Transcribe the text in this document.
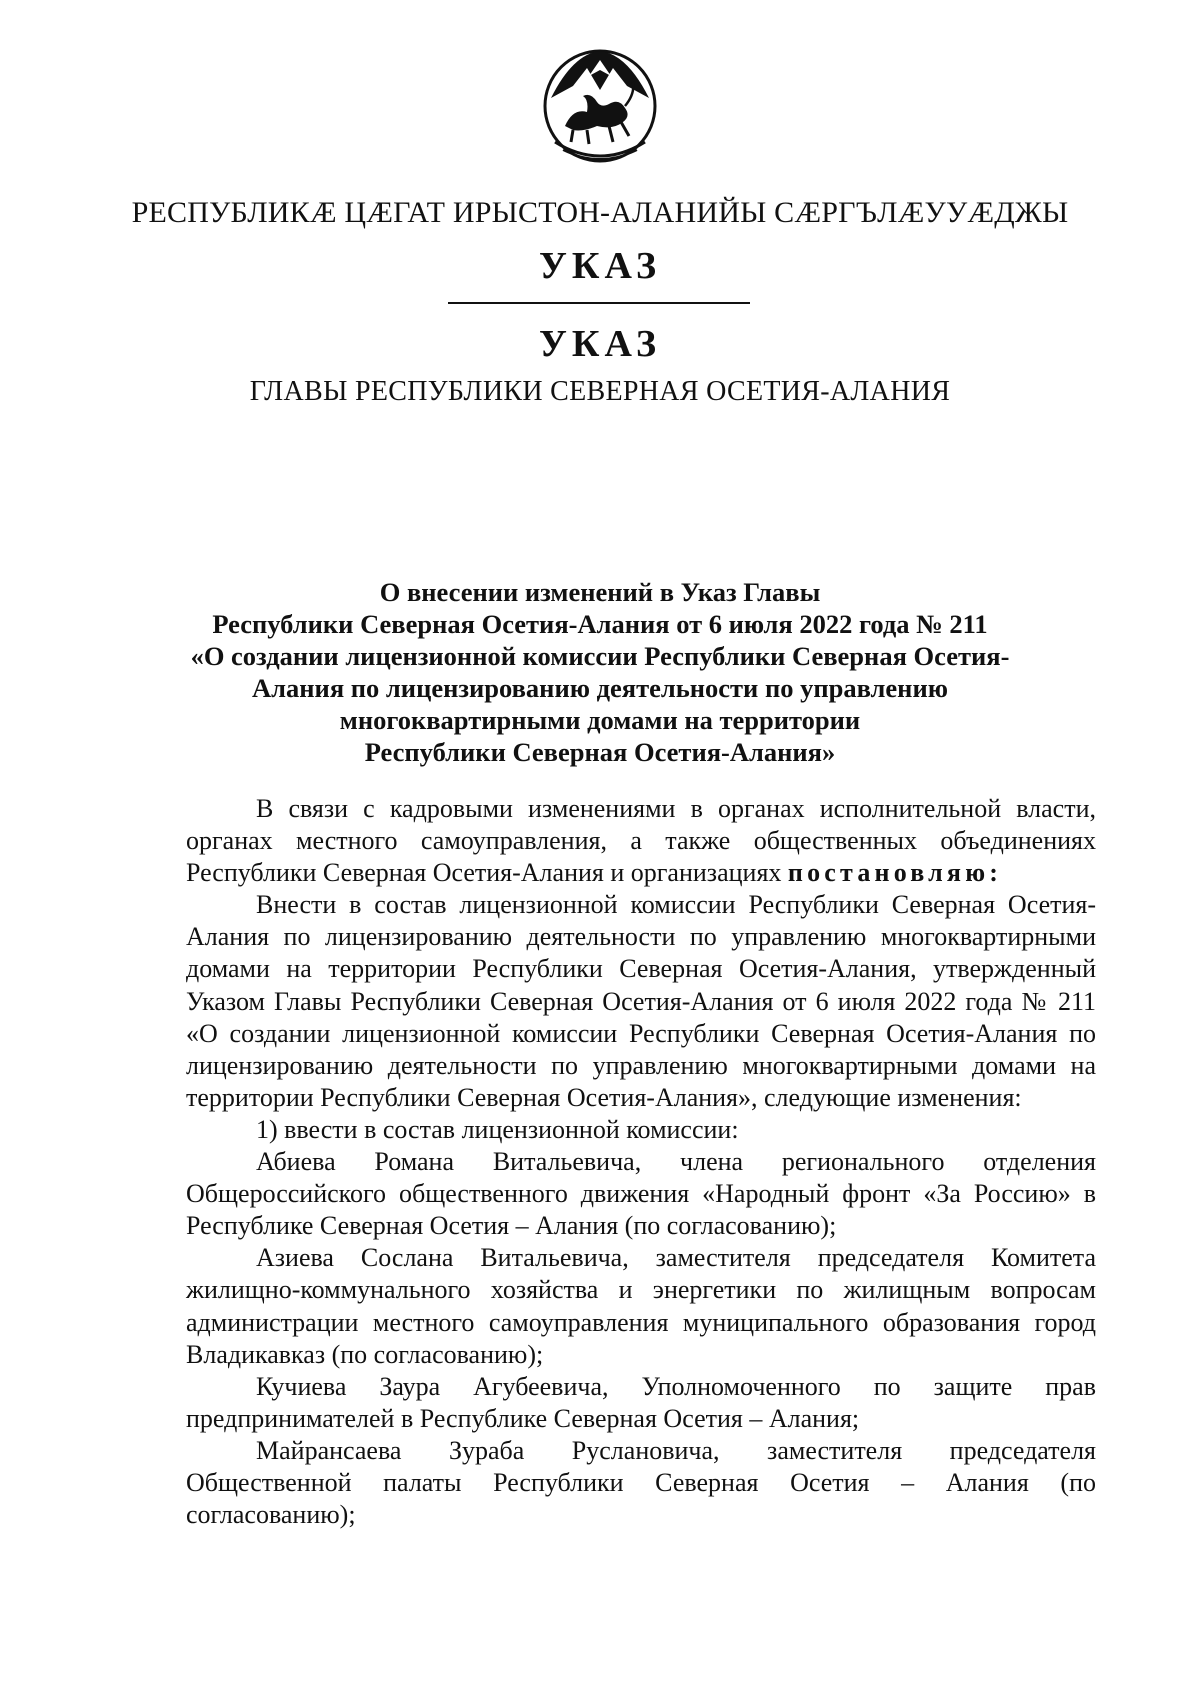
РЕСПУБЛИКӔ ЦӔГАТ ИРЫСТОН-АЛАНИЙЫ СӔРГЪЛӔУУӔДЖЫ
УКАЗ
УКАЗ
ГЛАВЫ РЕСПУБЛИКИ СЕВЕРНАЯ ОСЕТИЯ-АЛАНИЯ
О внесении изменений в Указ Главы
Республики Северная Осетия-Алания от 6 июля 2022 года № 211
«О создании лицензионной комиссии Республики Северная Осетия-
Алания по лицензированию деятельности по управлению
многоквартирными домами на территории
Республики Северная Осетия-Алания»

В связи с кадровыми изменениями в органах исполнительной власти, органах местного самоуправления, а также общественных объединениях Республики Северная Осетия-Алания и организациях постановляю:

Внести в состав лицензионной комиссии Республики Северная Осетия-Алания по лицензированию деятельности по управлению многоквартирными домами на территории Республики Северная Осетия-Алания, утвержденный Указом Главы Республики Северная Осетия-Алания от 6 июля 2022 года № 211 «О создании лицензионной комиссии Республики Северная Осетия-Алания по лицензированию деятельности по управлению многоквартирными домами на территории Республики Северная Осетия-Алания», следующие изменения:

1) ввести в состав лицензионной комиссии:

Абиева Романа Витальевича, члена регионального отделения Общероссийского общественного движения «Народный фронт «За Россию» в Республике Северная Осетия – Алания (по согласованию);

Азиева Сослана Витальевича, заместителя председателя Комитета жилищно-коммунального хозяйства и энергетики по жилищным вопросам администрации местного самоуправления муниципального образования город Владикавказ (по согласованию);

Кучиева Заура Агубеевича, Уполномоченного по защите прав предпринимателей в Республике Северная Осетия – Алания;

Майрансаева Зураба Руслановича, заместителя председателя Общественной палаты Республики Северная Осетия – Алания (по согласованию);
